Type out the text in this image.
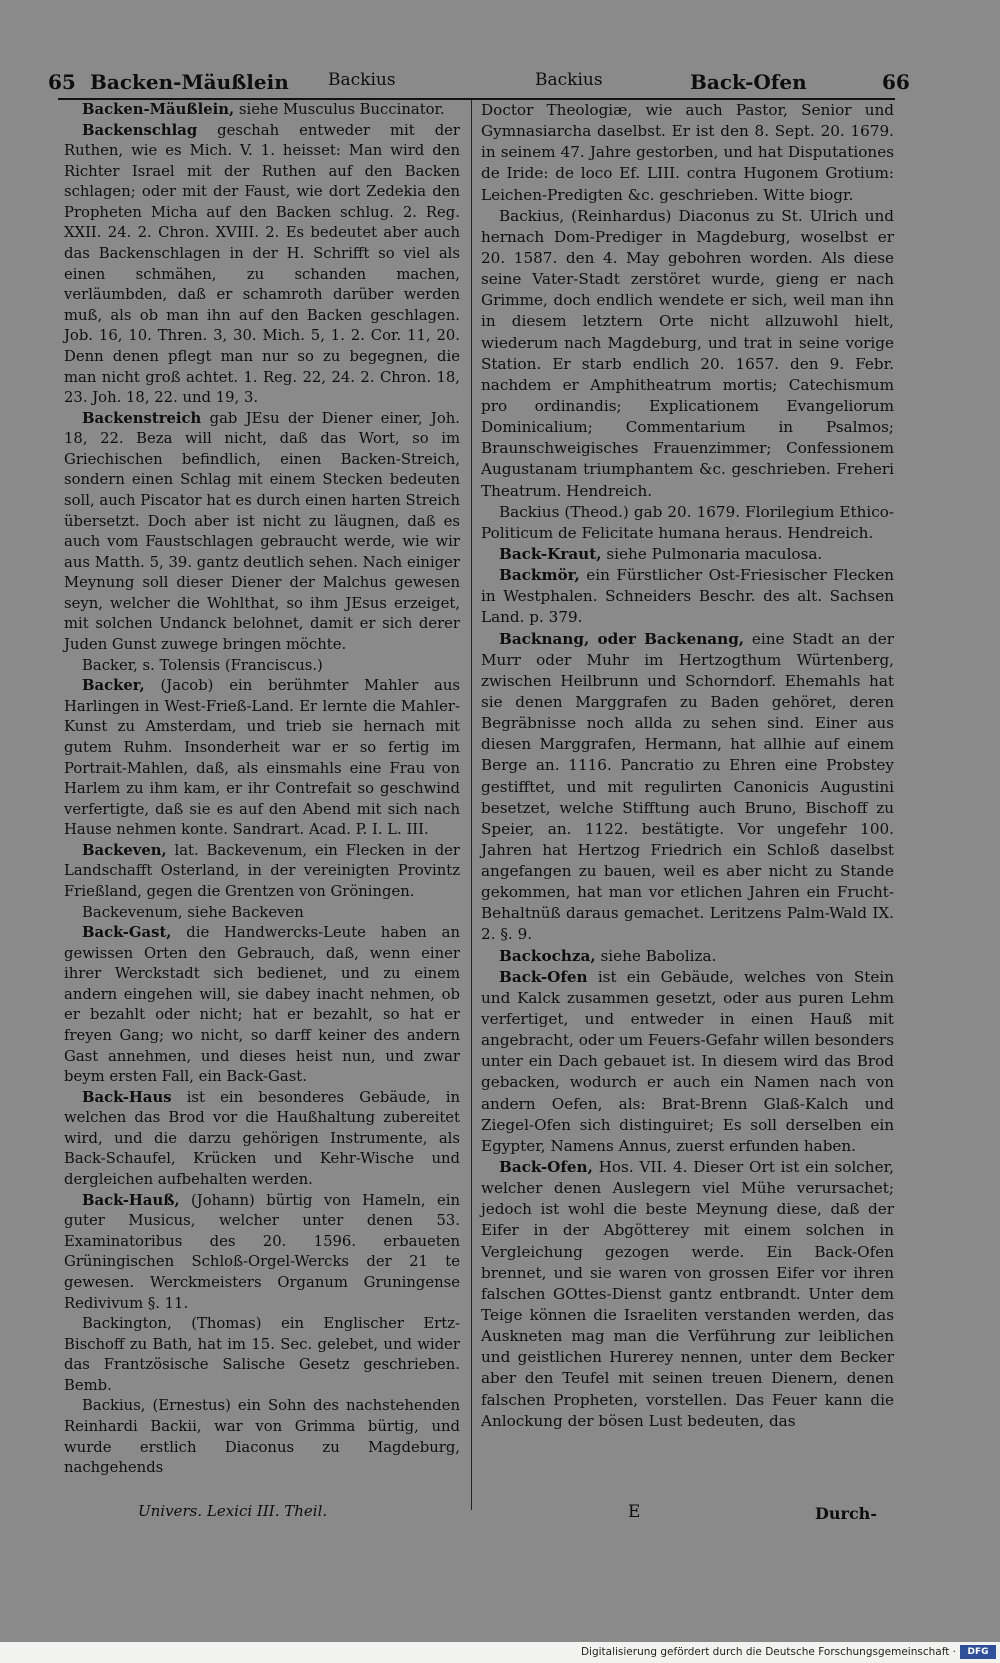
65 Backen-Mäußlein Backius	Backius	Back-Ofen	66

Backen-Mäußlein, siehe Musculus Buccinator.

Backenschlag geschah entweder mit der Ruthen, wie es Mich. V. 1. heisset: Man wird den Richter Israel mit der Ruthen auf den Backen schlagen; oder mit der Faust, wie dort Zedekia den Propheten Micha auf den Backen schlug. 2. Reg. XXII. 24. 2. Chron. XVIII. 2. Es bedeutet aber auch das Backenschlagen in der H. Schrifft so viel als einen schmähen, zu schanden machen, verläumbden, daß er schamroth darüber werden muß, als ob man ihn auf den Backen geschlagen. Job. 16, 10. Thren. 3, 30. Mich. 5, 1. 2. Cor. 11, 20. Denn denen pflegt man nur so zu begegnen, die man nicht groß achtet. 1. Reg. 22, 24. 2. Chron. 18, 23. Joh. 18, 22. und 19, 3.

Backenstreich gab JEsu der Diener einer, Joh. 18, 22. Beza will nicht, daß das Wort, so im Griechischen befindlich, einen Backen-Streich, sondern einen Schlag mit einem Stecken bedeuten soll, auch Piscator hat es durch einen harten Streich übersetzt. Doch aber ist nicht zu läugnen, daß es auch vom Faustschlagen gebraucht werde, wie wir aus Matth. 5, 39. gantz deutlich sehen. Nach einiger Meynung soll dieser Diener der Malchus gewesen seyn, welcher die Wohlthat, so ihm JEsus erzeiget, mit solchen Undanck belohnet, damit er sich derer Juden Gunst zuwege bringen möchte.

Backer, s. Tolensis (Franciscus.)

Backer, (Jacob) ein berühmter Mahler aus Harlingen in West-Frieß-Land. Er lernte die Mahler-Kunst zu Amsterdam, und trieb sie hernach mit gutem Ruhm. Insonderheit war er so fertig im Portrait-Mahlen, daß, als einsmahls eine Frau von Harlem zu ihm kam, er ihr Contrefait so geschwind verfertigte, daß sie es auf den Abend mit sich nach Hause nehmen konte. Sandrart. Acad. P. I. L. III.

Backeven, lat. Backevenum, ein Flecken in der Landschafft Osterland, in der vereinigten Provintz Frießland, gegen die Grentzen von Gröningen.

Backevenum, siehe Backeven

Back-Gast, die Handwercks-Leute haben an gewissen Orten den Gebrauch, daß, wenn einer ihrer Werckstadt sich bedienet, und zu einem andern eingehen will, sie dabey inacht nehmen, ob er bezahlt oder nicht; hat er bezahlt, so hat er freyen Gang; wo nicht, so darff keiner des andern Gast annehmen, und dieses heist nun, und zwar beym ersten Fall, ein Back-Gast.

Back-Haus ist ein besonderes Gebäude, in welchen das Brod vor die Haußhaltung zubereitet wird, und die darzu gehörigen Instrumente, als Back-Schaufel, Krücken und Kehr-Wische und dergleichen aufbehalten werden.

Back-Hauß, (Johann) bürtig von Hameln, ein guter Musicus, welcher unter denen 53. Examinatoribus des 20. 1596. erbaueten Grüningischen Schloß-Orgel-Wercks der 21 te gewesen. Werckmeisters Organum Gruningense Redivivum §. 11.

Backington, (Thomas) ein Englischer Ertz-Bischoff zu Bath, hat im 15. Sec. gelebet, und wider das Frantzösische Salische Gesetz geschrieben. Bemb.

Backius, (Ernestus) ein Sohn des nachstehenden Reinhardi Backii, war von Grimma bürtig, und wurde erstlich Diaconus zu Magdeburg, nachgehends

Doctor Theologiæ, wie auch Pastor, Senior und Gymnasiarcha daselbst. Er ist den 8. Sept. 20. 1679. in seinem 47. Jahre gestorben, und hat Disputationes de Iride: de loco Ef. LIII. contra Hugonem Grotium: Leichen-Predigten &c. geschrieben. Witte biogr.

Backius, (Reinhardus) Diaconus zu St. Ulrich und hernach Dom-Prediger in Magdeburg, woselbst er 20. 1587. den 4. May gebohren worden. Als diese seine Vater-Stadt zerstöret wurde, gieng er nach Grimme, doch endlich wendete er sich, weil man ihn in diesem letztern Orte nicht allzuwohl hielt, wiederum nach Magdeburg, und trat in seine vorige Station. Er starb endlich 20. 1657. den 9. Febr. nachdem er Amphitheatrum mortis; Catechismum pro ordinandis; Explicationem Evangeliorum Dominicalium; Commentarium in Psalmos; Braunschweigisches Frauenzimmer; Confessionem Augustanam triumphantem &c. geschrieben. Freheri Theatrum. Hendreich.

Backius (Theod.) gab 20. 1679. Florilegium Ethico-Politicum de Felicitate humana heraus. Hendreich.

Back-Kraut, siehe Pulmonaria maculosa.

Backmör, ein Fürstlicher Ost-Friesischer Flecken in Westphalen. Schneiders Beschr. des alt. Sachsen Land. p. 379.

Backnang, oder Backenang, eine Stadt an der Murr oder Muhr im Hertzogthum Würtenberg, zwischen Heilbrunn und Schorndorf. Ehemahls hat sie denen Marggrafen zu Baden gehöret, deren Begräbnisse noch allda zu sehen sind. Einer aus diesen Marggrafen, Hermann, hat allhie auf einem Berge an. 1116. Pancratio zu Ehren eine Probstey gestifftet, und mit regulirten Canonicis Augustini besetzet, welche Stifftung auch Bruno, Bischoff zu Speier, an. 1122. bestätigte. Vor ungefehr 100. Jahren hat Hertzog Friedrich ein Schloß daselbst angefangen zu bauen, weil es aber nicht zu Stande gekommen, hat man vor etlichen Jahren ein Frucht-Behaltnüß daraus gemachet. Leritzens Palm-Wald IX. 2. §. 9.

Backochza, siehe Baboliza.

Back-Ofen ist ein Gebäude, welches von Stein und Kalck zusammen gesetzt, oder aus puren Lehm verfertiget, und entweder in einen Hauß mit angebracht, oder um Feuers-Gefahr willen besonders unter ein Dach gebauet ist. In diesem wird das Brod gebacken, wodurch er auch ein Namen nach von andern Oefen, als: Brat-Brenn Glaß-Kalch und Ziegel-Ofen sich distinguiret; Es soll derselben ein Egypter, Namens Annus, zuerst erfunden haben.

Back-Ofen, Hos. VII. 4. Dieser Ort ist ein solcher, welcher denen Auslegern viel Mühe verursachet; jedoch ist wohl die beste Meynung diese, daß der Eifer in der Abgötterey mit einem solchen in Vergleichung gezogen werde. Ein Back-Ofen brennet, und sie waren von grossen Eifer vor ihren falschen GOttes-Dienst gantz entbrandt. Unter dem Teige können die Israeliten verstanden werden, das Auskneten mag man die Verführung zur leiblichen und geistlichen Hurerey nennen, unter dem Becker aber den Teufel mit seinen treuen Dienern, denen falschen Propheten, vorstellen. Das Feuer kann die Anlockung der bösen Lust bedeuten, das

Univers. Lexici III. Theil.	E	Durch-
Digitalisierung gefördert durch die Deutsche Forschungsgemeinschaft ·	DFG
